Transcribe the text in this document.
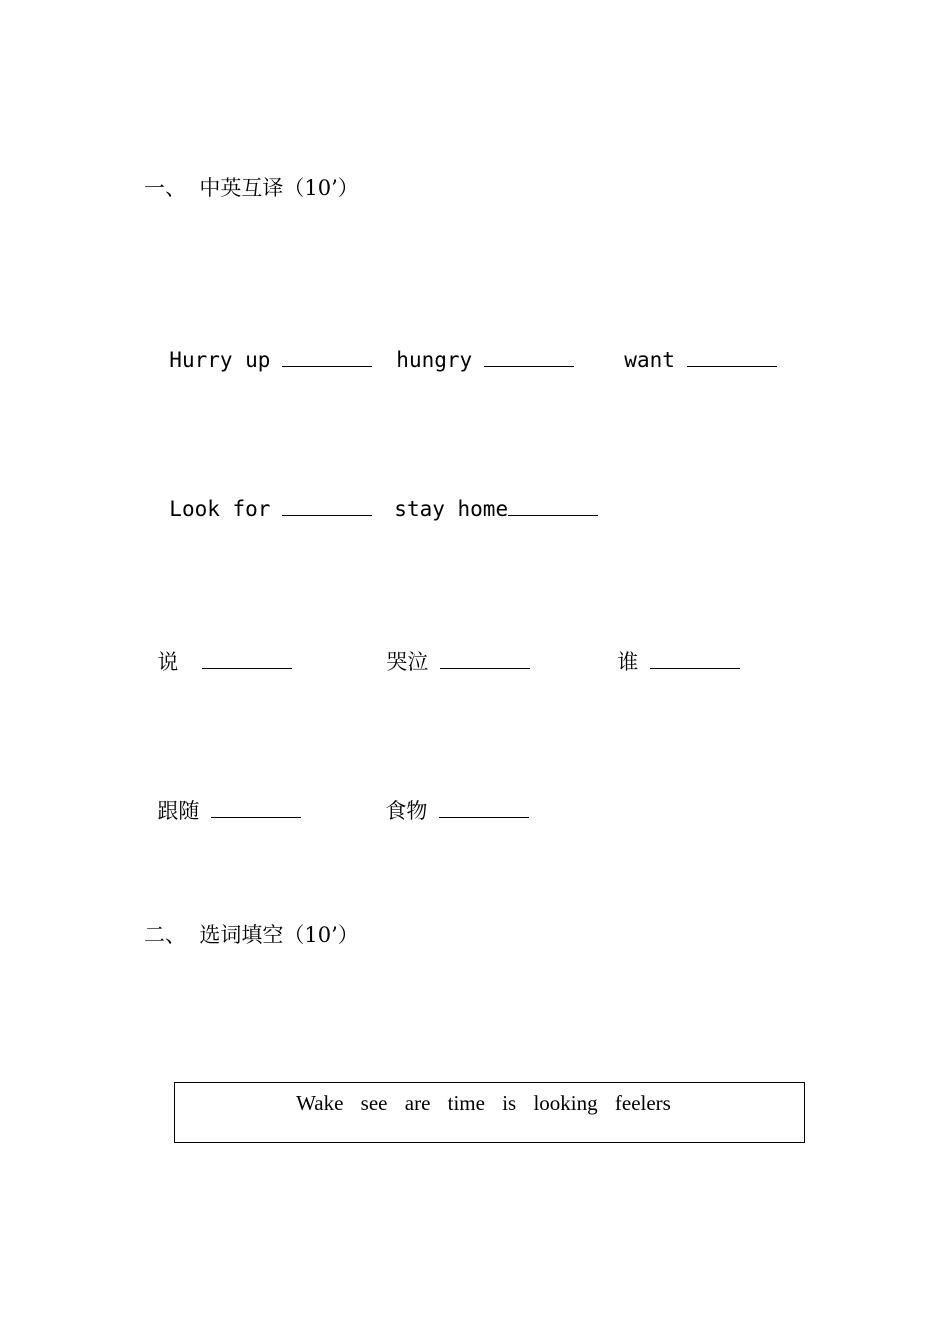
一、  中英互译（10’）

Hurry up	hungry	want

Look for	stay home

说	哭泣	谁

跟随	食物

二、  选词填空（10’）
Wake see are time is looking feelers
